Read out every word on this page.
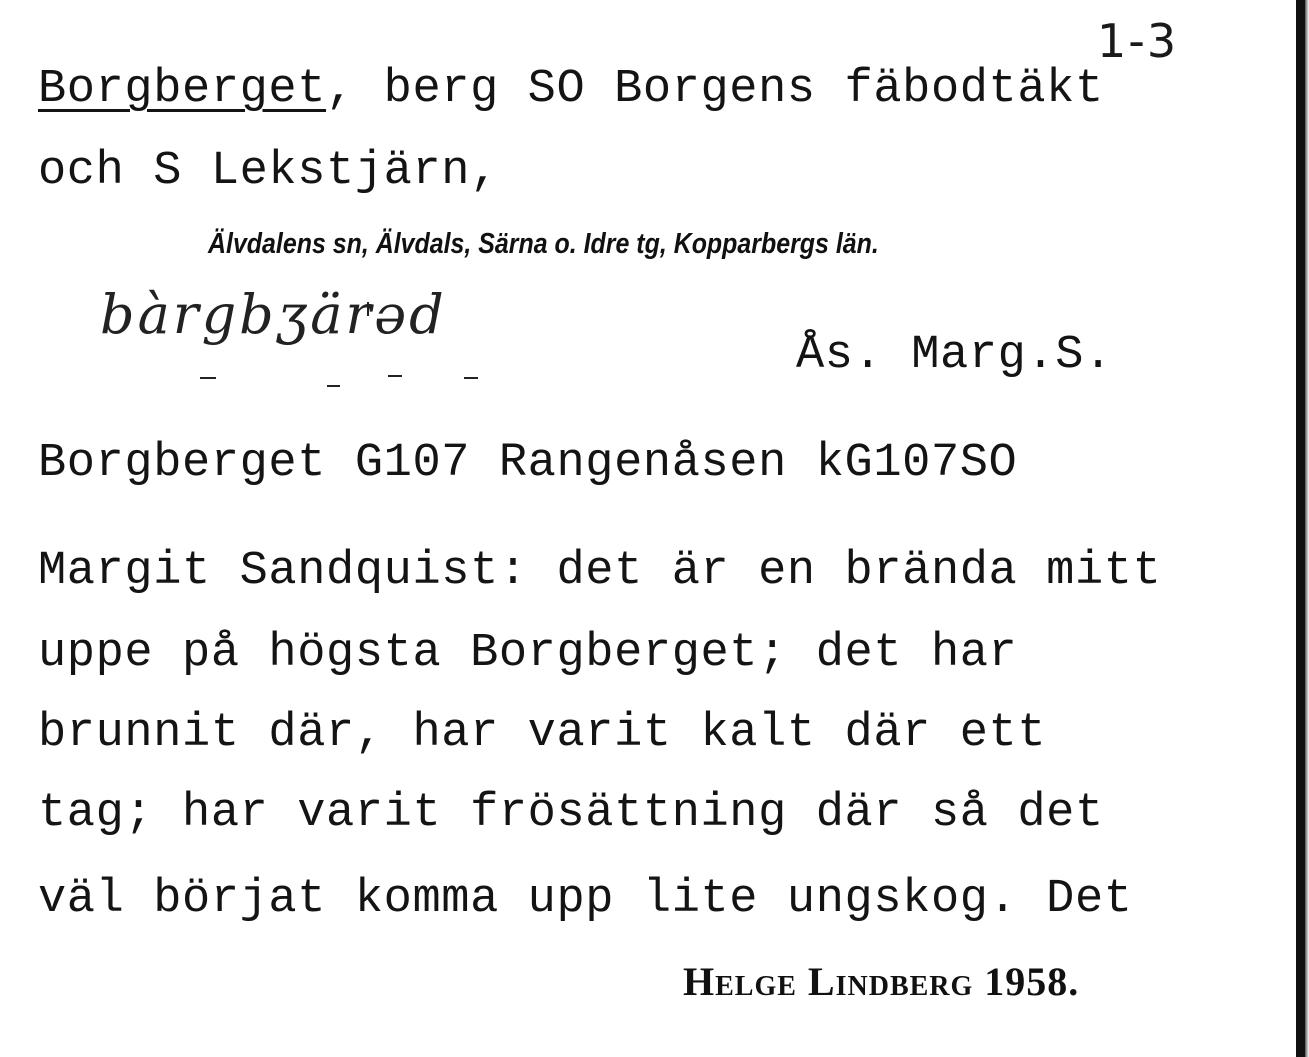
1-3
Borgberget, berg SO Borgens fäbodtäkt
och S Lekstjärn,
Älvdalens sn, Älvdals, Särna o. Idre tg, Kopparbergs län.
bàrgbʒärəd
Ås. Marg.S.
Borgberget G107 Rangenåsen kG107SO
Margit Sandquist: det är en brända mitt
uppe på högsta Borgberget; det har
brunnit där, har varit kalt där ett
tag; har varit frösättning där så det
väl börjat komma upp lite ungskog. Det
Helge Lindberg 1958.
